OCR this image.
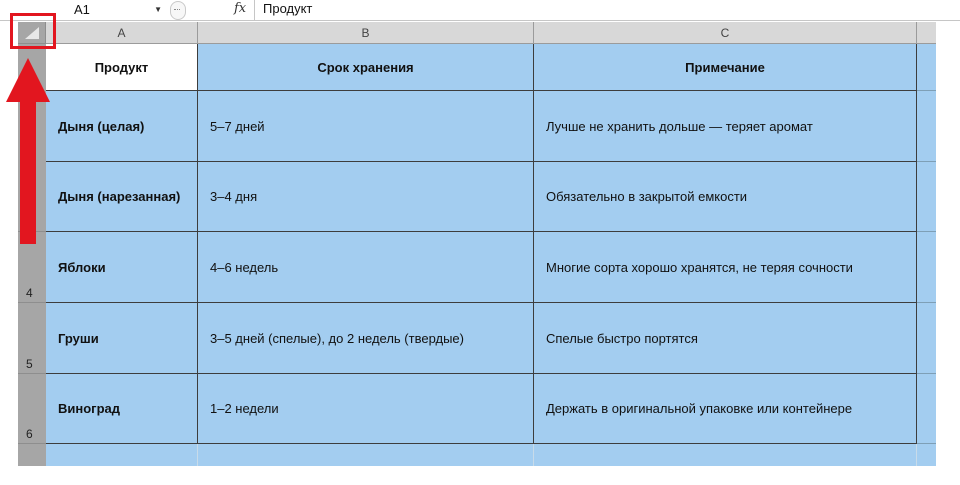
A1	▼	fx Продукт
A	B	C
4
5
6
Продукт	Срок хранения	Примечание
Дыня (целая)	5–7 дней	Лучше не хранить дольше — теряет аромат
Дыня (нарезанная)	3–4 дня	Обязательно в закрытой емкости
Яблоки	4–6 недель	Многие сорта хорошо хранятся, не теряя сочности
Груши	3–5 дней (спелые), до 2 недель (твердые)	Спелые быстро портятся
Виноград	1–2 недели	Держать в оригинальной упаковке или контейнере
